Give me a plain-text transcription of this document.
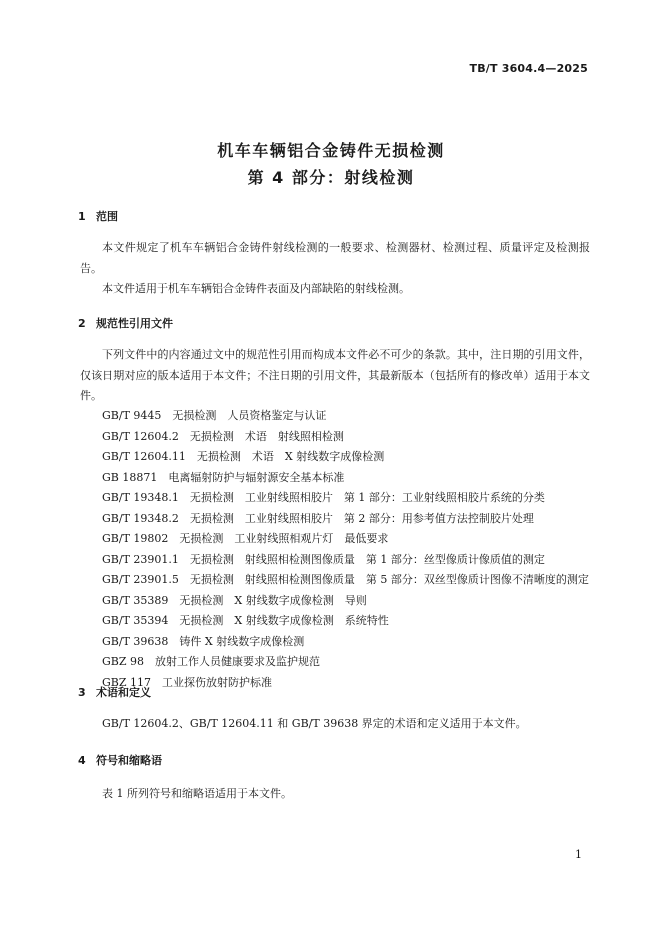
TB/T 3604.4—2025
机车车辆铝合金铸件无损检测
第 4 部分：射线检测
1 范围
本文件规定了机车车辆铝合金铸件射线检测的一般要求、检测器材、检测过程、质量评定及检测报告。
本文件适用于机车车辆铝合金铸件表面及内部缺陷的射线检测。
2 规范性引用文件
下列文件中的内容通过文中的规范性引用而构成本文件必不可少的条款。其中，注日期的引用文件，仅该日期对应的版本适用于本文件；不注日期的引用文件，其最新版本（包括所有的修改单）适用于本文件。
GB/T 9445　无损检测　人员资格鉴定与认证
GB/T 12604.2　无损检测　术语　射线照相检测
GB/T 12604.11　无损检测　术语　X 射线数字成像检测
GB 18871　电离辐射防护与辐射源安全基本标准
GB/T 19348.1　无损检测　工业射线照相胶片　第 1 部分：工业射线照相胶片系统的分类
GB/T 19348.2　无损检测　工业射线照相胶片　第 2 部分：用参考值方法控制胶片处理
GB/T 19802　无损检测　工业射线照相观片灯　最低要求
GB/T 23901.1　无损检测　射线照相检测图像质量　第 1 部分：丝型像质计像质值的测定
GB/T 23901.5　无损检测　射线照相检测图像质量　第 5 部分：双丝型像质计图像不清晰度的测定
GB/T 35389　无损检测　X 射线数字成像检测　导则
GB/T 35394　无损检测　X 射线数字成像检测　系统特性
GB/T 39638　铸件 X 射线数字成像检测
GBZ 98　放射工作人员健康要求及监护规范
GBZ 117　工业探伤放射防护标准
3 术语和定义
GB/T 12604.2、GB/T 12604.11 和 GB/T 39638 界定的术语和定义适用于本文件。
4 符号和缩略语
表 1 所列符号和缩略语适用于本文件。
1
